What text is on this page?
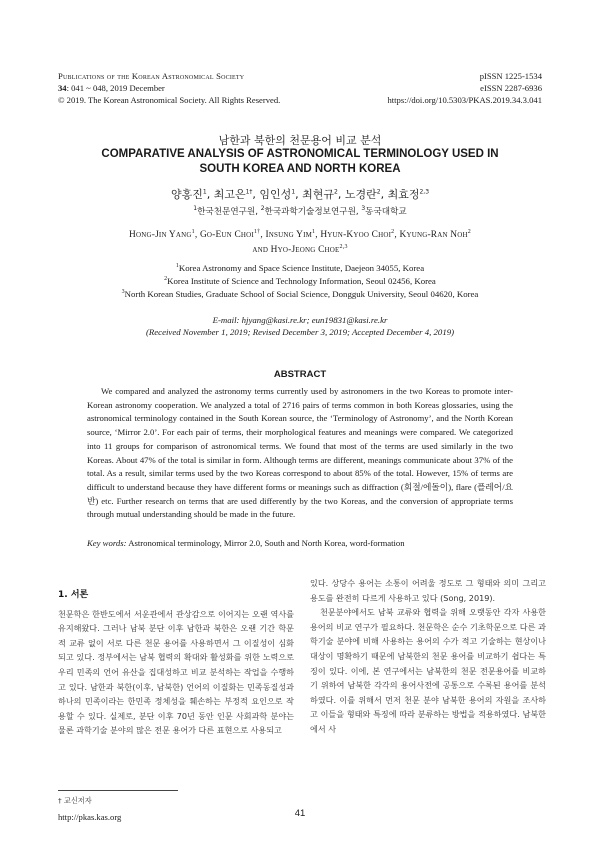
Publications of the Korean Astronomical Society
34: 041 ~ 048, 2019 December
© 2019. The Korean Astronomical Society. All Rights Reserved.
pISSN 1225-1534
eISSN 2287-6936
https://doi.org/10.5303/PKAS.2019.34.3.041
남한과 북한의 천문용어 비교 분석
COMPARATIVE ANALYSIS OF ASTRONOMICAL TERMINOLOGY USED IN SOUTH KOREA AND NORTH KOREA
양홍진$^1$, 최고은$^{1\dagger}$, 임인성$^1$, 최현규$^2$, 노경란$^2$, 최효정$^{2,3}$
$^1$한국천문연구원, $^2$한국과학기술정보연구원, $^3$동국대학교
Hong-Jin Yang$^1$, Go-Eun Choi$^{1\dagger}$, Insung Yim$^1$, Hyun-Kyoo Choi$^2$, Kyung-Ran Noh$^2$
and Hyo-Jeong Choe$^{2,3}$
$^1$Korea Astronomy and Space Science Institute, Daejeon 34055, Korea
$^2$Korea Institute of Science and Technology Information, Seoul 02456, Korea
$^3$North Korean Studies, Graduate School of Social Science, Dongguk University, Seoul 04620, Korea
E-mail: hjyang@kasi.re.kr; eun19831@kasi.re.kr
(Received November 1, 2019; Revised December 3, 2019; Accepted December 4, 2019)
ABSTRACT
We compared and analyzed the astronomy terms currently used by astronomers in the two Koreas to promote inter-Korean astronomy cooperation. We analyzed a total of 2716 pairs of terms common in both Koreas glossaries, using the astronomical terminology contained in the South Korean source, the ‘Terminology of Astronomy’, and the North Korean source, ‘Mirror 2.0’. For each pair of terms, their morphological features and meanings were compared. We categorized into 11 groups for comparison of astronomical terms. We found that most of the terms are used similarly in the two Koreas. About 47% of the total is similar in form. Although terms are different, meanings communicate about 37% of the total. As a result, similar terms used by the two Koreas correspond to about 85% of the total. However, 15% of terms are difficult to understand because they have different forms or meanings such as diffraction (회절/에돌이), flare (플레어/요반) etc. Further research on terms that are used differently by the two Koreas, and the conversion of appropriate terms through mutual understanding should be made in the future.
Key words: Astronomical terminology, Mirror 2.0, South and North Korea, word-formation
1. 서론

천문학은 한반도에서 서운관에서 관상감으로 이어지는 오랜 역사를 유지해왔다. 그러나 남북 분단 이후 남한과 북한은 오랜 기간 학문적 교류 없이 서로 다른 천문 용어를 사용하면서 그 이질성이 심화되고 있다. 정부에서는 남북 협력의 확대와 활성화를 위한 노력으로 우리 민족의 언어 유산을 집대성하고 비교 분석하는 작업을 수행하고 있다. 남한과 북한(이후, 남북한) 언어의 이질화는 민족동질성과 하나의 민족이라는 한민족 정체성을 훼손하는 부정적 요인으로 작용할 수 있다. 실제로, 분단 이후 70년 동안 인문 사회과학 분야는 물론 과학기술 분야의 많은 전문 용어가 다른 표현으로 사용되고

있다. 상당수 용어는 소통이 어려울 정도로 그 형태와 의미 그리고 용도를 완전히 다르게 사용하고 있다 (Song, 2019).

천문분야에서도 남북 교류와 협력을 위해 오랫동안 각자 사용한 용어의 비교 연구가 필요하다. 천문학은 순수 기초학문으로 다른 과학기술 분야에 비해 사용하는 용어의 수가 적고 기술하는 현상이나 대상이 명확하기 때문에 남북한의 천문 용어를 비교하기 쉽다는 특징이 있다. 이에, 본 연구에서는 남북한의 천문 전문용어를 비교하기 위하여 남북한 각각의 용어사전에 공통으로 수록된 용어를 분석하였다. 이를 위해서 먼저 천문 분야 남북한 용어의 자원을 조사하고 이들을 형태와 특징에 따라 분류하는 방법을 적용하였다. 남북한에서 사

† 교신저자
http://pkas.kas.org	41
